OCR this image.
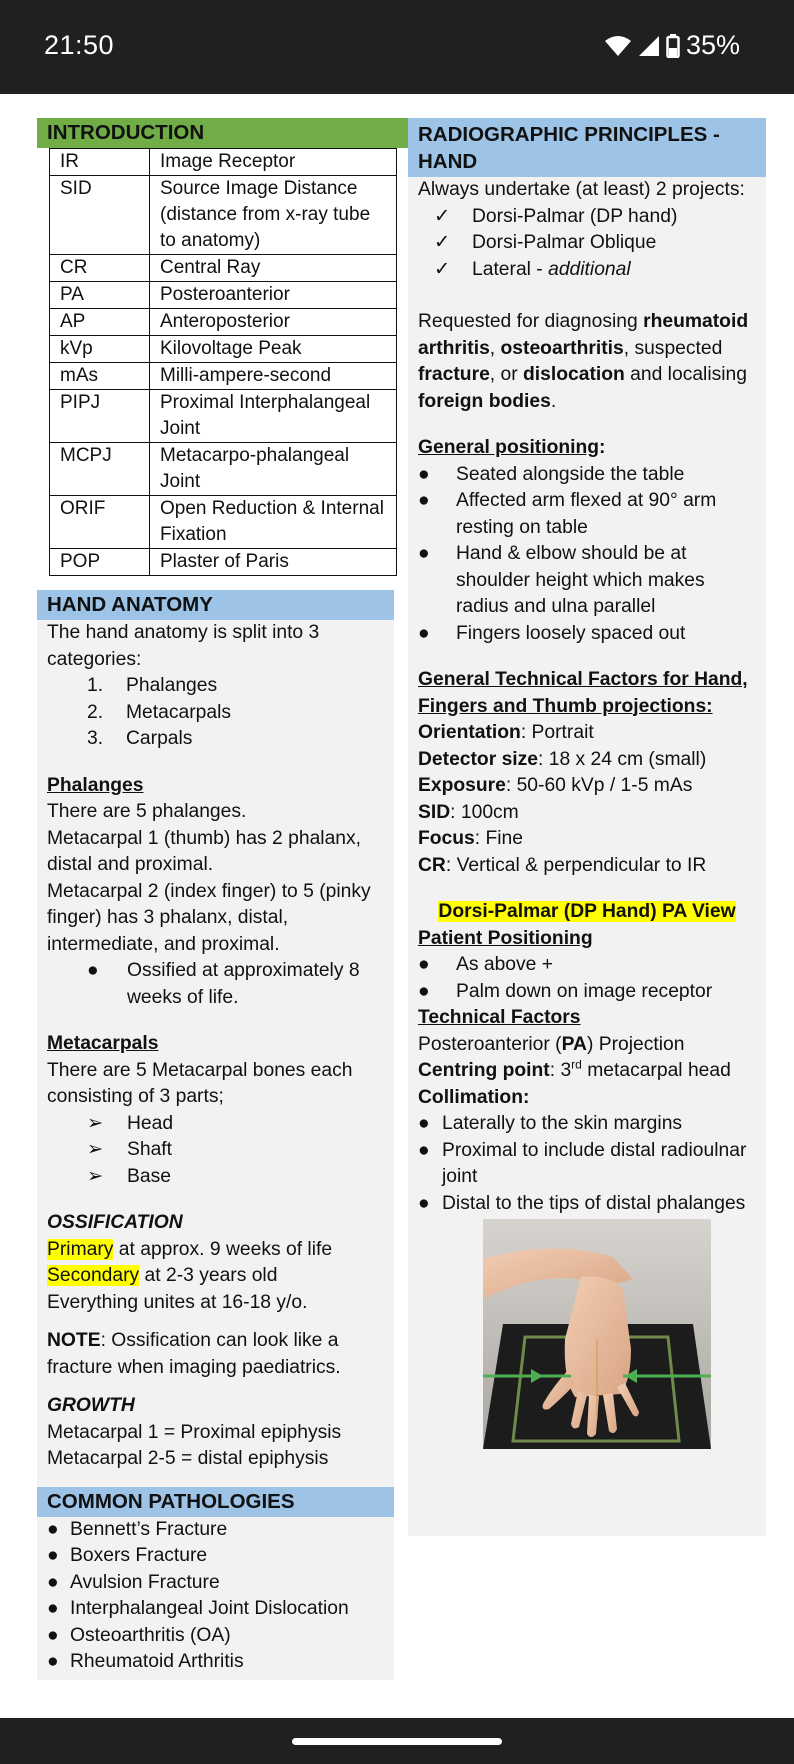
21:50	35%
INTRODUCTION
IR	Image Receptor
SID	Source Image Distance (distance from x-ray tube to anatomy)
CR	Central Ray
PA	Posteroanterior
AP	Anteroposterior
kVp	Kilovoltage Peak
mAs	Milli-ampere-second
PIPJ	Proximal Interphalangeal Joint
MCPJ	Metacarpo-phalangeal Joint
ORIF	Open Reduction & Internal Fixation
POP	Plaster of Paris
HAND ANATOMY
The hand anatomy is split into 3 categories:
1.	Phalanges
2.	Metacarpals
3.	Carpals
Phalanges
There are 5 phalanges.
Metacarpal 1 (thumb) has 2 phalanx, distal and proximal.
Metacarpal 2 (index finger) to 5 (pinky finger) has 3 phalanx, distal, intermediate, and proximal.
●	Ossified at approximately 8 weeks of life.
Metacarpals
There are 5 Metacarpal bones each consisting of 3 parts;
➢	Head
➢	Shaft
➢	Base
OSSIFICATION
Primary at approx. 9 weeks of life
Secondary at 2-3 years old
Everything unites at 16-18 y/o.
NOTE: Ossification can look like a fracture when imaging paediatrics.
GROWTH
Metacarpal 1 = Proximal epiphysis
Metacarpal 2-5 = distal epiphysis
COMMON PATHOLOGIES
● Bennett’s Fracture
● Boxers Fracture
● Avulsion Fracture
● Interphalangeal Joint Dislocation
● Osteoarthritis (OA)
● Rheumatoid Arthritis
RADIOGRAPHIC PRINCIPLES - HAND
Always undertake (at least) 2 projects:
✓	Dorsi-Palmar (DP hand)
✓	Dorsi-Palmar Oblique
✓	Lateral - additional
Requested for diagnosing rheumatoid arthritis, osteoarthritis, suspected fracture, or dislocation and localising foreign bodies.
General positioning:
●	Seated alongside the table
●	Affected arm flexed at 90° arm resting on table
●	Hand & elbow should be at shoulder height which makes radius and ulna parallel
●	Fingers loosely spaced out
General Technical Factors for Hand, Fingers and Thumb projections:
Orientation: Portrait
Detector size: 18 x 24 cm (small)
Exposure: 50-60 kVp / 1-5 mAs
SID: 100cm
Focus: Fine
CR: Vertical & perpendicular to IR
Dorsi-Palmar (DP Hand) PA View
Patient Positioning
●	As above +
●	Palm down on image receptor
Technical Factors
Posteroanterior (PA) Projection
Centring point: 3rd metacarpal head
Collimation:
● Laterally to the skin margins
● Proximal to include distal radioulnar joint
● Distal to the tips of distal phalanges
